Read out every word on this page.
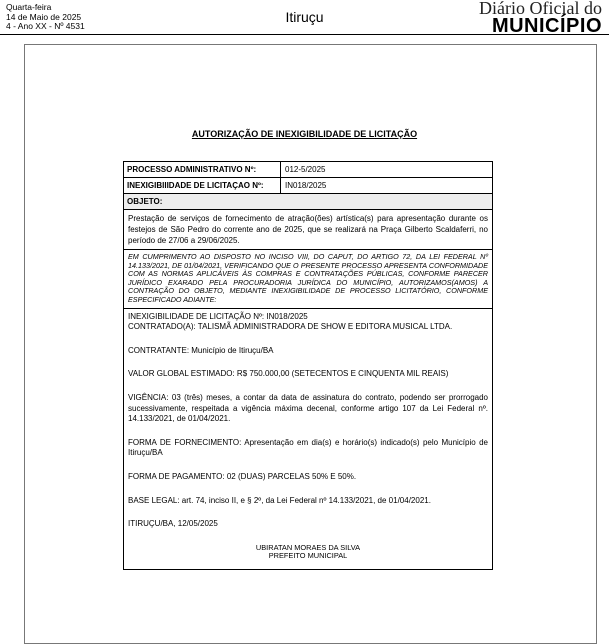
Quarta-feira
14 de Maio de 2025
4 - Ano XX - Nº 4531
Itiruçu	Diário Oficial do
MUNICÍPIO
AUTORIZAÇÃO DE INEXIGIBILIDADE DE LICITAÇÃO
PROCESSO ADMINISTRATIVO Nº:	012-5/2025
INEXIGIBIIIDADE DE LICITAÇAO Nº:	IN018/2025
OBJETO:
Prestação de serviços de fornecimento de atração(ões) artística(s) para apresentação durante os festejos de São Pedro do corrente ano de 2025, que se realizará na Praça Gilberto Scaldaferri, no período de 27/06 a 29/06/2025.
EM CUMPRIMENTO AO DISPOSTO NO INCISO VIII, DO CAPUT, DO ARTIGO 72, DA LEI FEDERAL Nº 14.133/2021, DE 01/04/2021, VERIFICANDO QUE O PRESENTE PROCESSO APRESENTA CONFORMIDADE COM AS NORMAS APLICÁVEIS ÀS COMPRAS E CONTRATAÇÕES PÚBLICAS, CONFORME PARECER JURÍDICO EXARADO PELA PROCURADORIA JURÍDICA DO MUNICÍPIO, AUTORIZAMOS(AMOS) A CONTRAÇÃO DO OBJETO, MEDIANTE INEXIGIBILIDADE DE PROCESSO LICITATÓRIO, CONFORME ESPECIFICADO ADIANTE:

INEXIGIBILIDADE DE LICITAÇÃO Nº: IN018/2025

CONTRATADO(A): TALISMÃ ADMINISTRADORA DE SHOW E EDITORA MUSICAL LTDA.

CONTRATANTE: Município de Itiruçu/BA

VALOR GLOBAL ESTIMADO: R$ 750.000,00 (SETECENTOS E CINQUENTA MIL REAIS)

VIGÊNCIA: 03 (três) meses, a contar da data de assinatura do contrato, podendo ser prorrogado sucessivamente, respeitada a vigência máxima decenal, conforme artigo 107 da Lei Federal nº. 14.133/2021, de 01/04/2021.

FORMA DE FORNECIMENTO: Apresentação em dia(s) e horário(s) indicado(s) pelo Município de Itiruçu/BA

FORMA DE PAGAMENTO: 02 (DUAS) PARCELAS 50% E 50%.

BASE LEGAL: art. 74, inciso II, e § 2º, da Lei Federal nº 14.133/2021, de 01/04/2021.

ITIRUÇU/BA, 12/05/2025

UBIRATAN MORAES DA SILVA
PREFEITO MUNICIPAL
